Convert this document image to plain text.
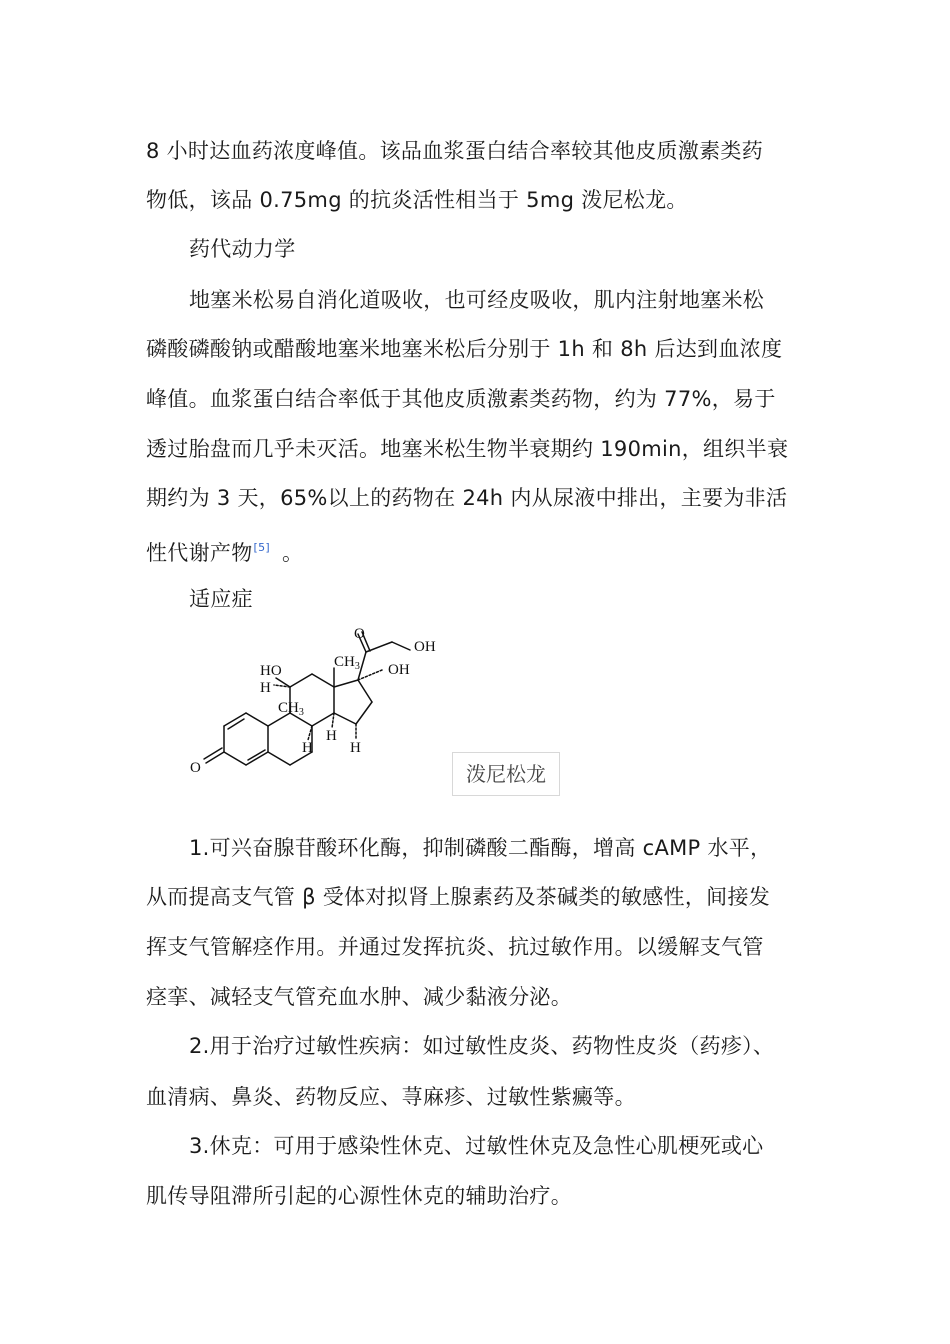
8 小时达血药浓度峰值。该品血浆蛋白结合率较其他皮质激素类药

物低，该品 0.75mg 的抗炎活性相当于 5mg 泼尼松龙。

药代动力学

地塞米松易自消化道吸收，也可经皮吸收，肌内注射地塞米松

磷酸磷酸钠或醋酸地塞米地塞米松后分别于 1h 和 8h 后达到血浓度

峰值。血浆蛋白结合率低于其他皮质激素类药物，约为 77%，易于

透过胎盘而几乎未灭活。地塞米松生物半衰期约 190min，组织半衰

期约为 3 天，65%以上的药物在 24h 内从尿液中排出，主要为非活

性代谢产物[5] 。

适应症

O
OH
OH
HO
H
$CH_3$
$CH_3$
H
H
H
O	泼尼松龙

1.可兴奋腺苷酸环化酶，抑制磷酸二酯酶，增高 cAMP 水平，

从而提高支气管 β 受体对拟肾上腺素药及茶碱类的敏感性，间接发

挥支气管解痉作用。并通过发挥抗炎、抗过敏作用。以缓解支气管

痉挛、减轻支气管充血水肿、减少黏液分泌。

2.用于治疗过敏性疾病：如过敏性皮炎、药物性皮炎（药疹）、

血清病、鼻炎、药物反应、荨麻疹、过敏性紫癜等。

3.休克：可用于感染性休克、过敏性休克及急性心肌梗死或心

肌传导阻滞所引起的心源性休克的辅助治疗。
